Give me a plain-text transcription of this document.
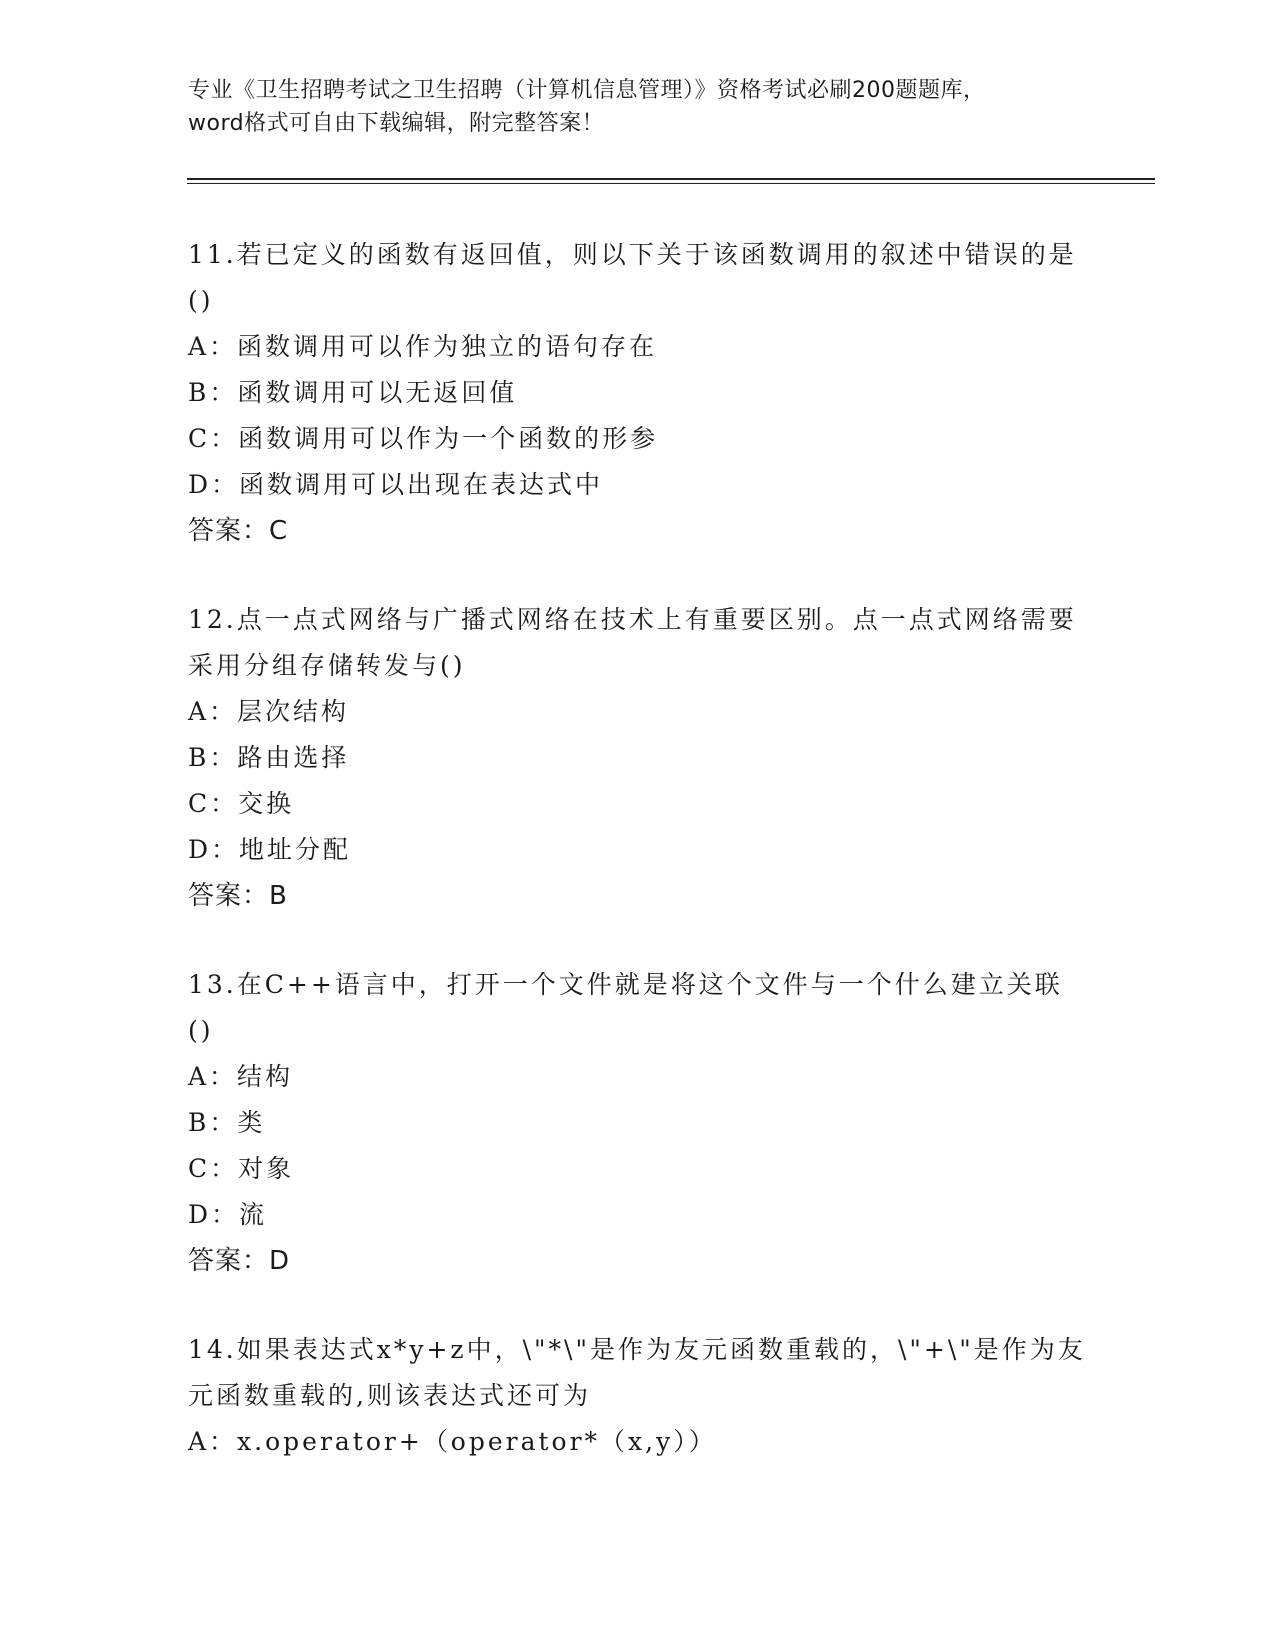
专业《卫生招聘考试之卫生招聘（计算机信息管理）》资格考试必刷200题题库，
word格式可自由下载编辑，附完整答案！

11.若已定义的函数有返回值，则以下关于该函数调用的叙述中错误的是()

A：函数调用可以作为独立的语句存在

B：函数调用可以无返回值

C：函数调用可以作为一个函数的形参

D：函数调用可以出现在表达式中

答案：C

12.点一点式网络与广播式网络在技术上有重要区别。点一点式网络需要采用分组存储转发与()

A：层次结构

B：路由选择

C：交换

D：地址分配

答案：B

13.在C++语言中，打开一个文件就是将这个文件与一个什么建立关联()

A：结构

B：类

C：对象

D：流

答案：D

14.如果表达式x*y+z中，\"*\"是作为友元函数重载的，\"+\"是作为友元函数重载的,则该表达式还可为

A：x.operator+（operator*（x,y））
